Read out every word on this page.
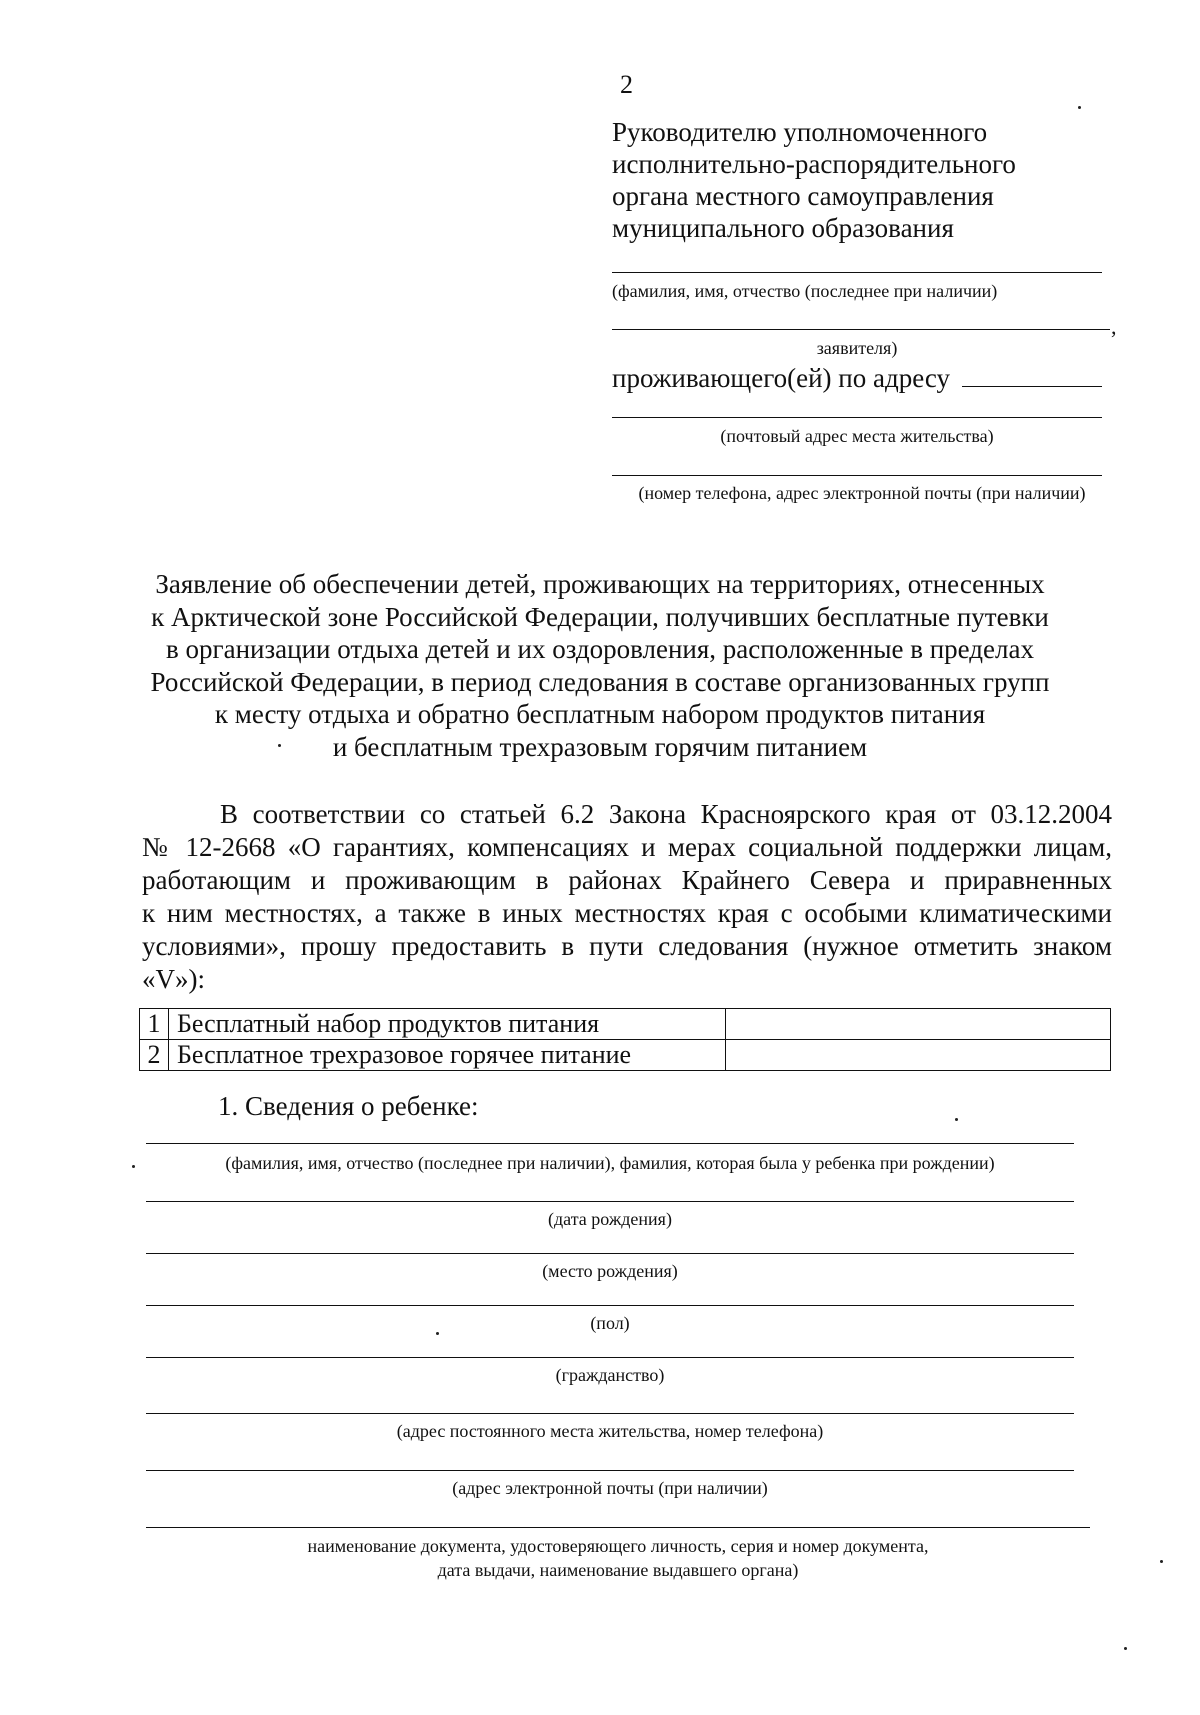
2
Руководителю уполномоченного
исполнительно-распорядительного
органа местного самоуправления
муниципального образования
(фамилия, имя, отчество (последнее при наличии)
,
заявителя)
проживающего(ей) по адресу
(почтовый адрес места жительства)
(номер телефона, адрес электронной почты (при наличии)
Заявление об обеспечении детей, проживающих на территориях, отнесенных
к Арктической зоне Российской Федерации, получивших бесплатные путевки
в организации отдыха детей и их оздоровления, расположенные в пределах
Российской Федерации, в период следования в составе организованных групп
к месту отдыха и обратно бесплатным набором продуктов питания
и бесплатным трехразовым горячим питанием
В соответствии со статьей 6.2 Закона Красноярского края от 03.12.2004
№ 12-2668 «О гарантиях, компенсациях и мерах социальной поддержки лицам,
работающим и проживающим в районах Крайнего Севера и приравненных
к ним местностях, а также в иных местностях края с особыми климатическими
условиями», прошу предоставить в пути следования (нужное отметить знаком
«V»):
1	Бесплатный набор продуктов питания	
2	Бесплатное трехразовое горячее питание	
1. Сведения о ребенке:
(фамилия, имя, отчество (последнее при наличии), фамилия, которая была у ребенка при рождении)
(дата рождения)
(место рождения)
(пол)
(гражданство)
(адрес постоянного места жительства, номер телефона)
(адрес электронной почты (при наличии)
наименование документа, удостоверяющего личность, серия и номер документа,
дата выдачи, наименование выдавшего органа)
